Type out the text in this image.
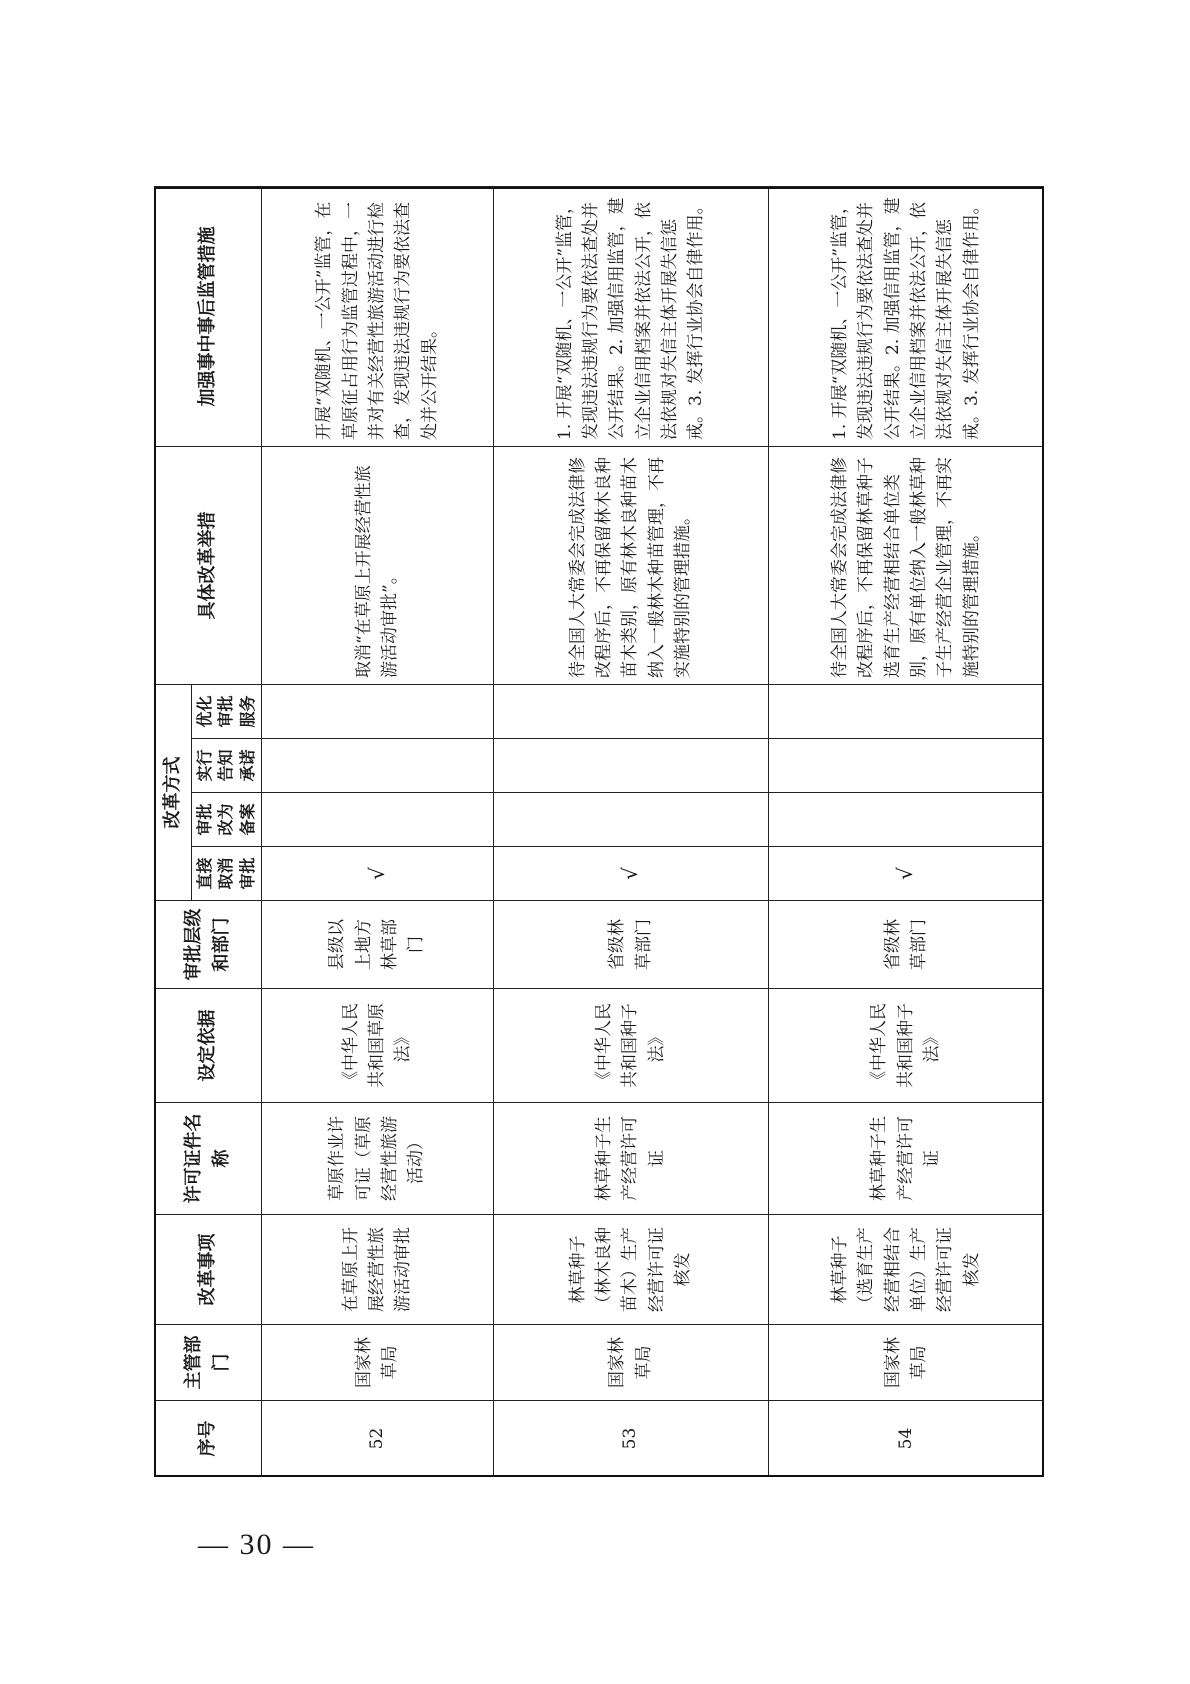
序号	主管部门	改革事项	许可证件名称	设定依据	审批层级和部门	改革方式				具体改革举措	加强事中事后监管措施
						直接取消审批	审批改为备案	实行告知承诺	优化审批服务		
52	国家林草局	在草原上开展经营性旅游活动审批	草原作业许可证（草原经营性旅游活动）	《中华人民共和国草原法》	县级以上地方林草部门	√				取消“在草原上开展经营性旅游活动审批”。	开展“双随机、一公开”监管，在草原征占用行为监管过程中，一并对有关经营性旅游活动进行检查，发现违法违规行为要依法查处并公开结果。
53	国家林草局	林草种子（林木良种苗木）生产经营许可证核发	林草种子生产经营许可证	《中华人民共和国种子法》	省级林草部门	√				待全国人大常委会完成法律修改程序后，不再保留林木良种苗木类别，原有林木良种苗木纳入一般林木种苗管理，不再实施特别的管理措施。	1. 开展“双随机、一公开”监管，发现违法违规行为要依法查处并公开结果。2. 加强信用监管，建立企业信用档案并依法公开，依法依规对失信主体开展失信惩戒。3. 发挥行业协会自律作用。
54	国家林草局	林草种子（选育生产经营相结合单位）生产经营许可证核发	林草种子生产经营许可证	《中华人民共和国种子法》	省级林草部门	√				待全国人大常委会完成法律修改程序后，不再保留林草种子选育生产经营相结合单位类别，原有单位纳入一般林草种子生产经营企业管理，不再实施特别的管理措施。	1. 开展“双随机、一公开”监管，发现违法违规行为要依法查处并公开结果。2. 加强信用监管，建立企业信用档案并依法公开，依法依规对失信主体开展失信惩戒。3. 发挥行业协会自律作用。
— 30 —
